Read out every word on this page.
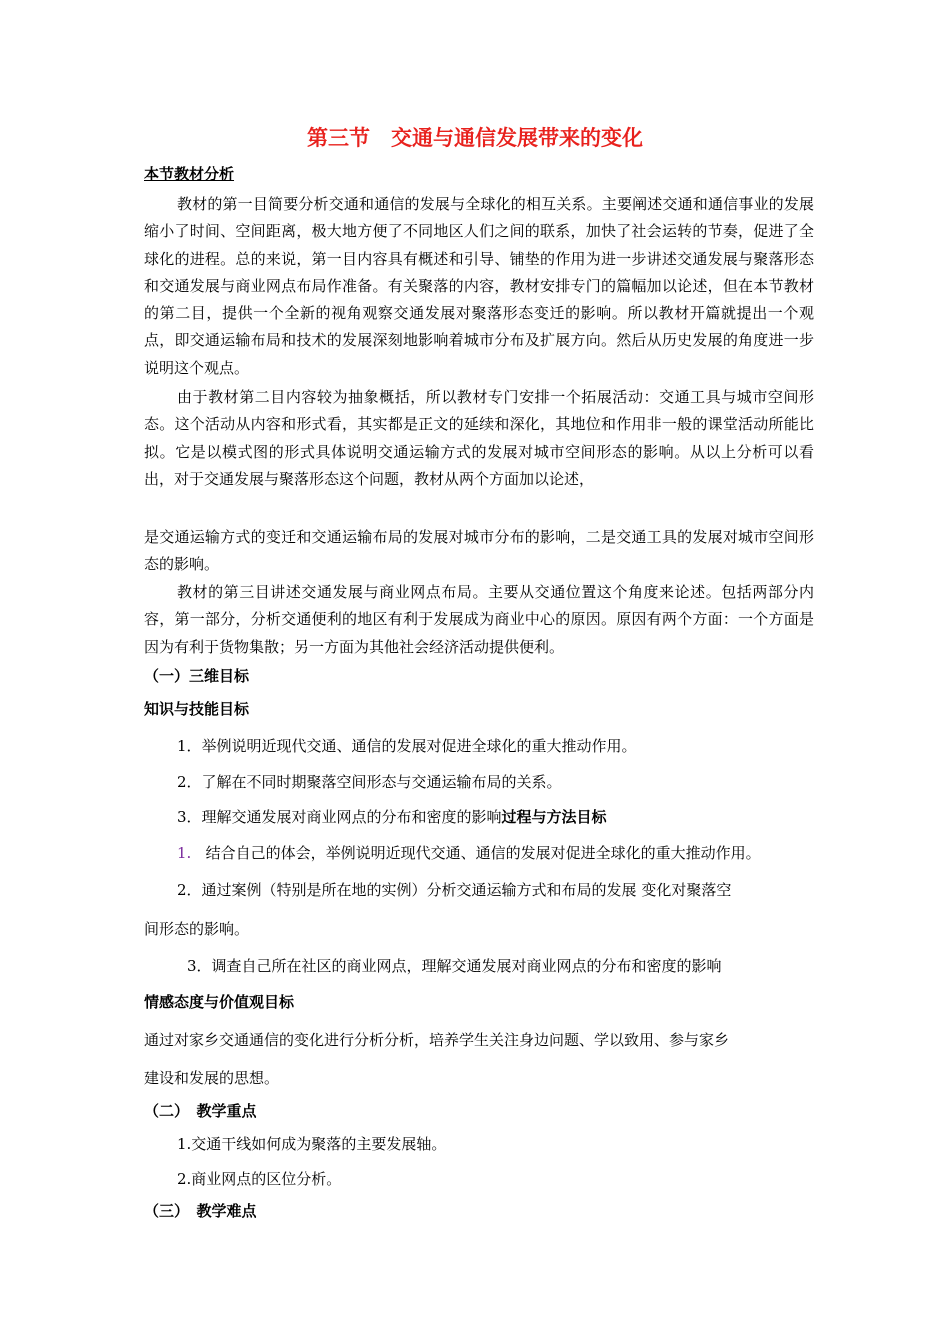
第三节　交通与通信发展带来的变化
本节教材分析
教材的第一目简要分析交通和通信的发展与全球化的相互关系。主要阐述交通和通信事业的发展缩小了时间、空间距离，极大地方便了不同地区人们之间的联系，加快了社会运转的节奏，促进了全球化的进程。总的来说，第一目内容具有概述和引导、铺垫的作用为进一步讲述交通发展与聚落形态和交通发展与商业网点布局作准备。有关聚落的内容，教材安排专门的篇幅加以论述，但在本节教材的第二目，提供一个全新的视角观察交通发展对聚落形态变迁的影响。所以教材开篇就提出一个观点，即交通运输布局和技术的发展深刻地影响着城市分布及扩展方向。然后从历史发展的角度进一步说明这个观点。
由于教材第二目内容较为抽象概括，所以教材专门安排一个拓展活动：交通工具与城市空间形态。这个活动从内容和形式看，其实都是正文的延续和深化，其地位和作用非一般的课堂活动所能比拟。它是以模式图的形式具体说明交通运输方式的发展对城市空间形态的影响。从以上分析可以看出，对于交通发展与聚落形态这个问题，教材从两个方面加以论述，
是交通运输方式的变迁和交通运输布局的发展对城市分布的影响，二是交通工具的发展对城市空间形态的影响。
教材的第三目讲述交通发展与商业网点布局。主要从交通位置这个角度来论述。包括两部分内容，第一部分，分析交通便利的地区有利于发展成为商业中心的原因。原因有两个方面：一个方面是因为有利于货物集散；另一方面为其他社会经济活动提供便利。
（一）三维目标
知识与技能目标
1．举例说明近现代交通、通信的发展对促进全球化的重大推动作用。
2．了解在不同时期聚落空间形态与交通运输布局的关系。
3．理解交通发展对商业网点的分布和密度的影响过程与方法目标
1. 结合自己的体会，举例说明近现代交通、通信的发展对促进全球化的重大推动作用。
2．通过案例（特别是所在地的实例）分析交通运输方式和布局的发展 变化对聚落空
间形态的影响。
3．调查自己所在社区的商业网点，理解交通发展对商业网点的分布和密度的影响
情感态度与价值观目标
通过对家乡交通通信的变化进行分析分析，培养学生关注身边问题、学以致用、参与家乡
建设和发展的思想。
（二）　教学重点
1.交通干线如何成为聚落的主要发展轴。
2.商业网点的区位分析。
（三）　教学难点
